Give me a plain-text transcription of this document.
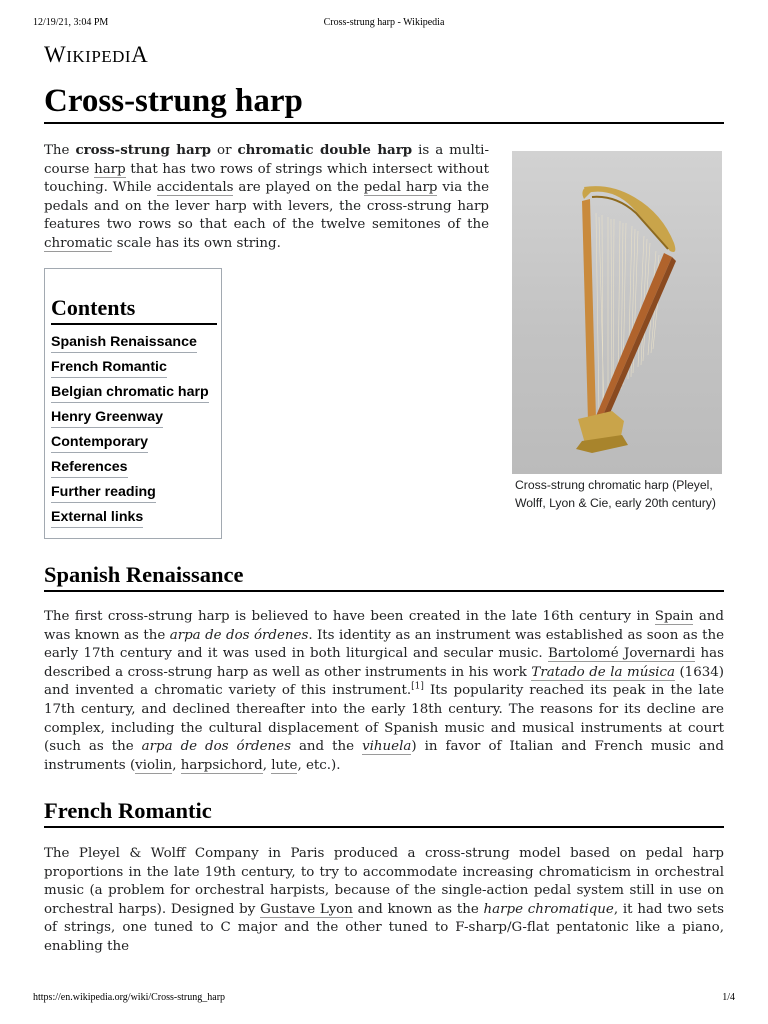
12/19/21, 3:04 PM	Cross-strung harp - Wikipedia
WIKIPEDIA
Cross-strung harp

The cross-strung harp or chromatic double harp is a multi-course harp that has two rows of strings which intersect without touching. While accidentals are played on the pedal harp via the pedals and on the lever harp with levers, the cross-strung harp features two rows so that each of the twelve semitones of the chromatic scale has its own string.

Cross-strung chromatic harp (Pleyel, Wolff, Lyon & Cie, early 20th century)
Contents
Spanish Renaissance
French Romantic
Belgian chromatic harp
Henry Greenway
Contemporary
References
Further reading
External links
Spanish Renaissance

The first cross-strung harp is believed to have been created in the late 16th century in Spain and was known as the arpa de dos órdenes. Its identity as an instrument was established as soon as the early 17th century and it was used in both liturgical and secular music. Bartolomé Jovernardi has described a cross-strung harp as well as other instruments in his work Tratado de la música (1634) and invented a chromatic variety of this instrument.[1] Its popularity reached its peak in the late 17th century, and declined thereafter into the early 18th century. The reasons for its decline are complex, including the cultural displacement of Spanish music and musical instruments at court (such as the arpa de dos órdenes and the vihuela) in favor of Italian and French music and instruments (violin, harpsichord, lute, etc.).

French Romantic

The Pleyel & Wolff Company in Paris produced a cross-strung model based on pedal harp proportions in the late 19th century, to try to accommodate increasing chromaticism in orchestral music (a problem for orchestral harpists, because of the single-action pedal system still in use on orchestral harps). Designed by Gustave Lyon and known as the harpe chromatique, it had two sets of strings, one tuned to C major and the other tuned to F-sharp/G-flat pentatonic like a piano, enabling the

https://en.wikipedia.org/wiki/Cross-strung_harp	1/4
